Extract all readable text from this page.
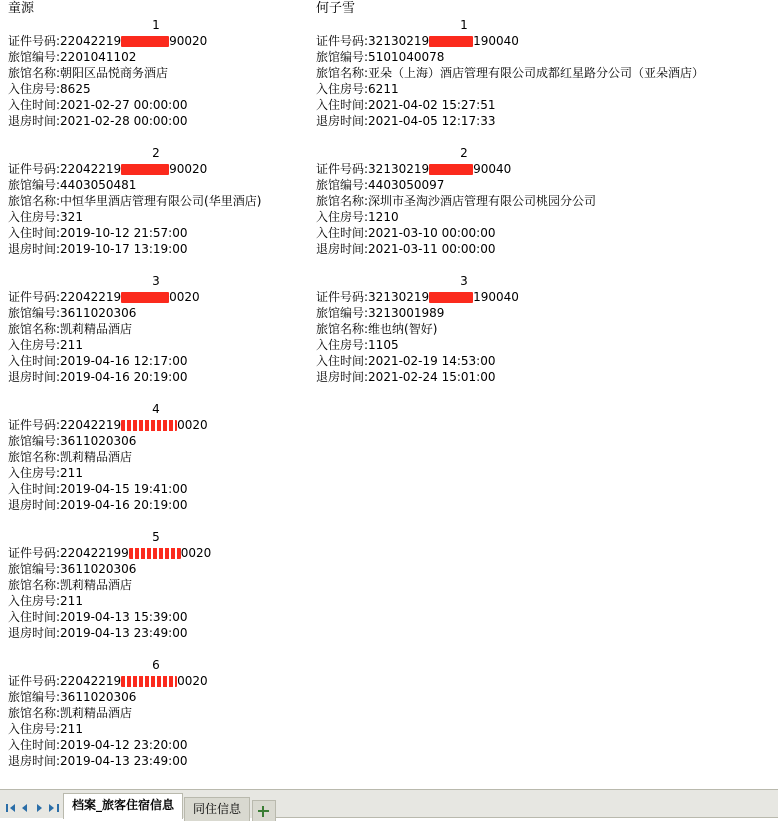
童源
1
证件号码:22042219	90020
旅馆编号:2201041102
旅馆名称:朝阳区品悦商务酒店
入住房号:8625
入住时间:2021-02-27 00:00:00
退房时间:2021-02-28 00:00:00
2
证件号码:22042219	90020
旅馆编号:4403050481
旅馆名称:中恒华里酒店管理有限公司(华里酒店)
入住房号:321
入住时间:2019-10-12 21:57:00
退房时间:2019-10-17 13:19:00
3
证件号码:22042219	0020
旅馆编号:3611020306
旅馆名称:凯莉精品酒店
入住房号:211
入住时间:2019-04-16 12:17:00
退房时间:2019-04-16 20:19:00
4
证件号码:22042219	0020
旅馆编号:3611020306
旅馆名称:凯莉精品酒店
入住房号:211
入住时间:2019-04-15 19:41:00
退房时间:2019-04-16 20:19:00
5
证件号码:220422199	0020
旅馆编号:3611020306
旅馆名称:凯莉精品酒店
入住房号:211
入住时间:2019-04-13 15:39:00
退房时间:2019-04-13 23:49:00
6
证件号码:22042219	0020
旅馆编号:3611020306
旅馆名称:凯莉精品酒店
入住房号:211
入住时间:2019-04-12 23:20:00
退房时间:2019-04-13 23:49:00
何子雪
1
证件号码:32130219	190040
旅馆编号:5101040078
旅馆名称:亚朵（上海）酒店管理有限公司成都红星路分公司（亚朵酒店）
入住房号:6211
入住时间:2021-04-02 15:27:51
退房时间:2021-04-05 12:17:33
2
证件号码:32130219	90040
旅馆编号:4403050097
旅馆名称:深圳市圣淘沙酒店管理有限公司桃园分公司
入住房号:1210
入住时间:2021-03-10 00:00:00
退房时间:2021-03-11 00:00:00
3
证件号码:32130219	190040
旅馆编号:3213001989
旅馆名称:维也纳(智好)
入住房号:1105
入住时间:2021-02-19 14:53:00
退房时间:2021-02-24 15:01:00
档案_旅客住宿信息	同住信息
